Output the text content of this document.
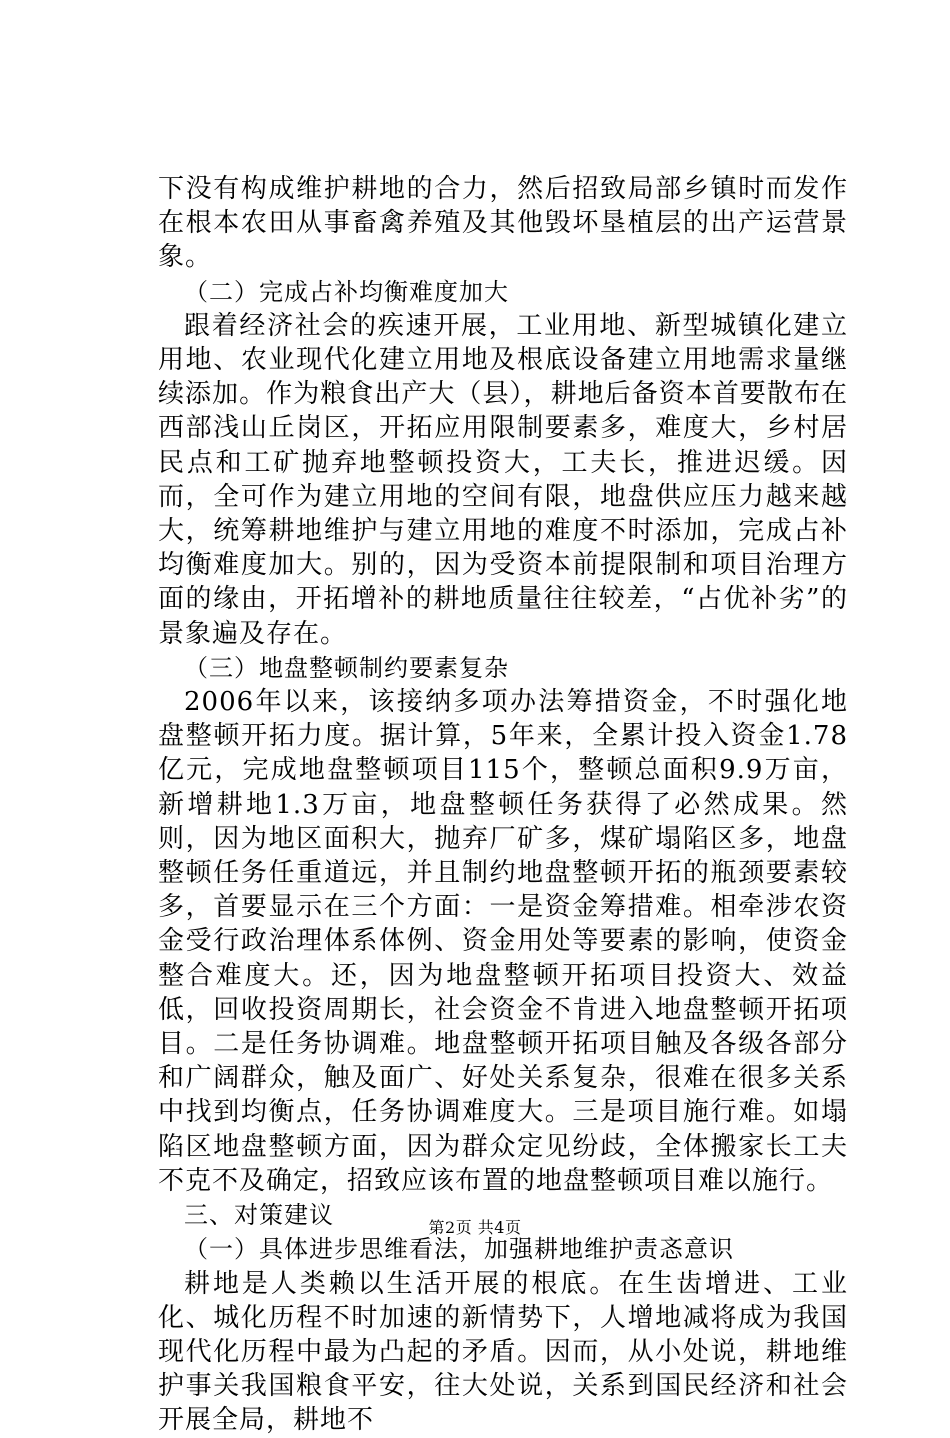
下没有构成维护耕地的合力，然后招致局部乡镇时而发作在根本农田从事畜禽养殖及其他毁坏垦植层的出产运营景象。

（二）完成占补均衡难度加大

跟着经济社会的疾速开展，工业用地、新型城镇化建立用地、农业现代化建立用地及根底设备建立用地需求量继续添加。作为粮食出产大（县），耕地后备资本首要散布在西部浅山丘岗区，开拓应用限制要素多，难度大，乡村居民点和工矿抛弃地整顿投资大，工夫长，推进迟缓。因而，全可作为建立用地的空间有限，地盘供应压力越来越大，统筹耕地维护与建立用地的难度不时添加，完成占补均衡难度加大。别的，因为受资本前提限制和项目治理方面的缘由，开拓增补的耕地质量往往较差，“占优补劣”的景象遍及存在。

（三）地盘整顿制约要素复杂

2006年以来，该接纳多项办法筹措资金，不时强化地盘整顿开拓力度。据计算，5年来，全累计投入资金1.78亿元，完成地盘整顿项目115个，整顿总面积9.9万亩，新增耕地1.3万亩，地盘整顿任务获得了必然成果。然则，因为地区面积大，抛弃厂矿多，煤矿塌陷区多，地盘整顿任务任重道远，并且制约地盘整顿开拓的瓶颈要素较多，首要显示在三个方面：一是资金筹措难。相牵涉农资金受行政治理体系体例、资金用处等要素的影响，使资金整合难度大。还，因为地盘整顿开拓项目投资大、效益低，回收投资周期长，社会资金不肯进入地盘整顿开拓项目。二是任务协调难。地盘整顿开拓项目触及各级各部分和广阔群众，触及面广、好处关系复杂，很难在很多关系中找到均衡点，任务协调难度大。三是项目施行难。如塌陷区地盘整顿方面，因为群众定见纷歧，全体搬家长工夫不克不及确定，招致应该布置的地盘整顿项目难以施行。

三、对策建议

（一）具体进步思维看法，加强耕地维护责忞意识

耕地是人类赖以生活开展的根底。在生齿增进、工业化、城化历程不时加速的新情势下，人增地减将成为我国现代化历程中最为凸起的矛盾。因而，从小处说，耕地维护事关我国粮食平安，往大处说，关系到国民经济和社会开展全局，耕地不

第2页 共4页
